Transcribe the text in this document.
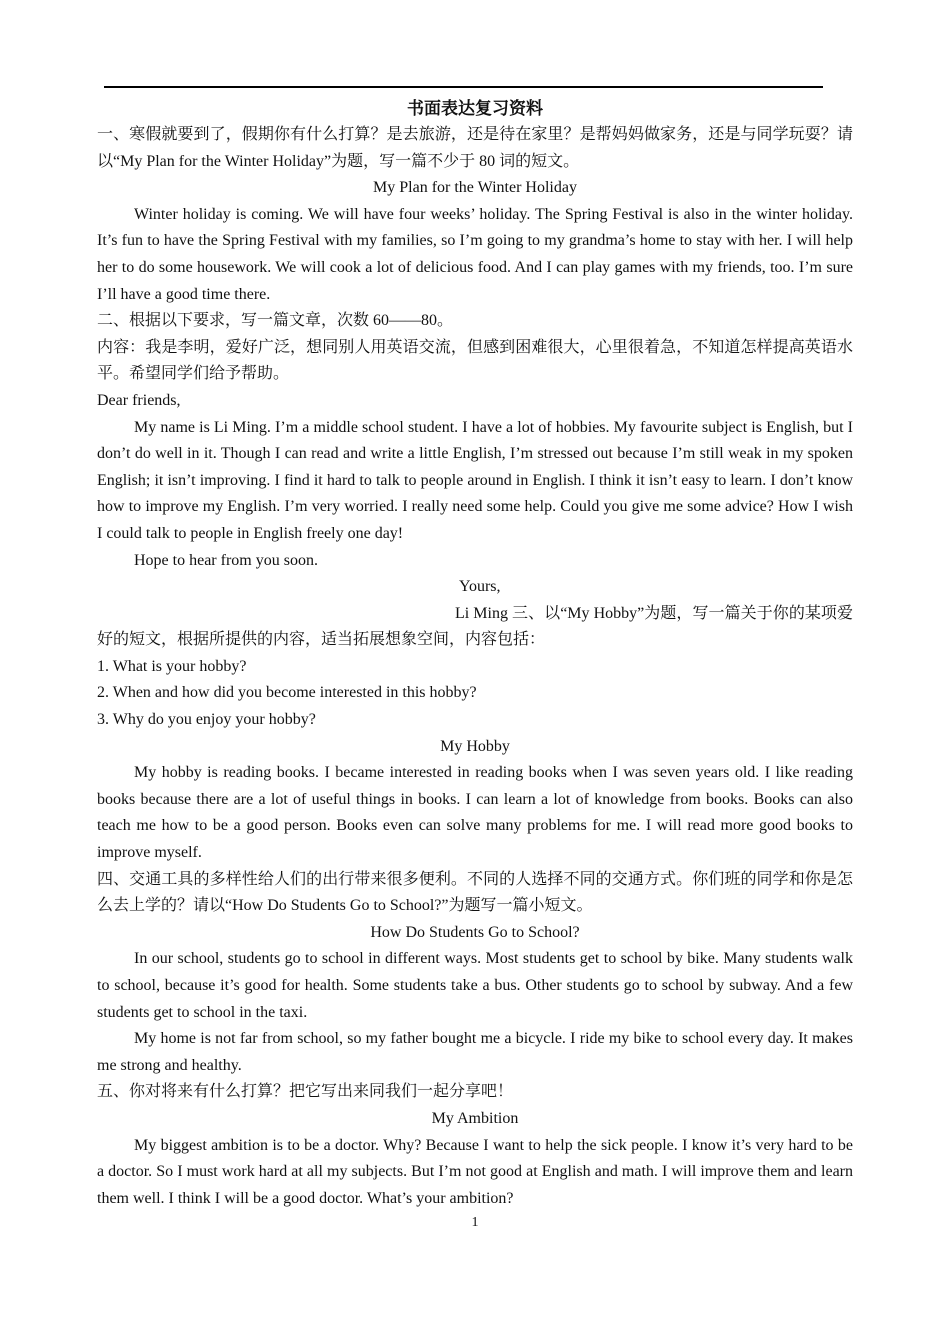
书面表达复习资料

一、寒假就要到了，假期你有什么打算？是去旅游，还是待在家里？是帮妈妈做家务，还是与同学玩耍？请以“My Plan for the Winter Holiday”为题，写一篇不少于 80 词的短文。

My Plan for the Winter Holiday

Winter holiday is coming. We will have four weeks’ holiday. The Spring Festival is also in the winter holiday. It’s fun to have the Spring Festival with my families, so I’m going to my grandma’s home to stay with her. I will help her to do some housework. We will cook a lot of delicious food. And I can play games with my friends, too. I’m sure I’ll have a good time there.

二、根据以下要求，写一篇文章，次数 60——80。

内容：我是李明，爱好广泛，想同别人用英语交流，但感到困难很大，心里很着急，不知道怎样提高英语水平。希望同学们给予帮助。

Dear friends,

My name is Li Ming. I’m a middle school student. I have a lot of hobbies. My favourite subject is English, but I don’t do well in it. Though I can read and write a little English, I’m stressed out because I’m still weak in my spoken English; it isn’t improving. I find it hard to talk to people around in English. I think it isn’t easy to learn. I don’t know how to improve my English. I’m very worried. I really need some help. Could you give me some advice? How I wish I could talk to people in English freely one day!

Hope to hear from you soon.

Yours,

Li Ming 三、以“My Hobby”为题，写一篇关于你的某项爱好的短文，根据所提供的内容，适当拓展想象空间，内容包括：

1. What is your hobby?

2. When and how did you become interested in this hobby?

3. Why do you enjoy your hobby?

My Hobby

My hobby is reading books. I became interested in reading books when I was seven years old. I like reading books because there are a lot of useful things in books. I can learn a lot of knowledge from books. Books can also teach me how to be a good person. Books even can solve many problems for me. I will read more good books to improve myself.

四、交通工具的多样性给人们的出行带来很多便利。不同的人选择不同的交通方式。你们班的同学和你是怎么去上学的？请以“How Do Students Go to School?”为题写一篇小短文。

How Do Students Go to School?

In our school, students go to school in different ways. Most students get to school by bike. Many students walk to school, because it’s good for health. Some students take a bus. Other students go to school by subway. And a few students get to school in the taxi.

My home is not far from school, so my father bought me a bicycle. I ride my bike to school every day. It makes me strong and healthy.

五、你对将来有什么打算？把它写出来同我们一起分享吧！

My Ambition

My biggest ambition is to be a doctor. Why? Because I want to help the sick people. I know it’s very hard to be a doctor. So I must work hard at all my subjects. But I’m not good at English and math. I will improve them and learn them well. I think I will be a good doctor. What’s your ambition?

1
